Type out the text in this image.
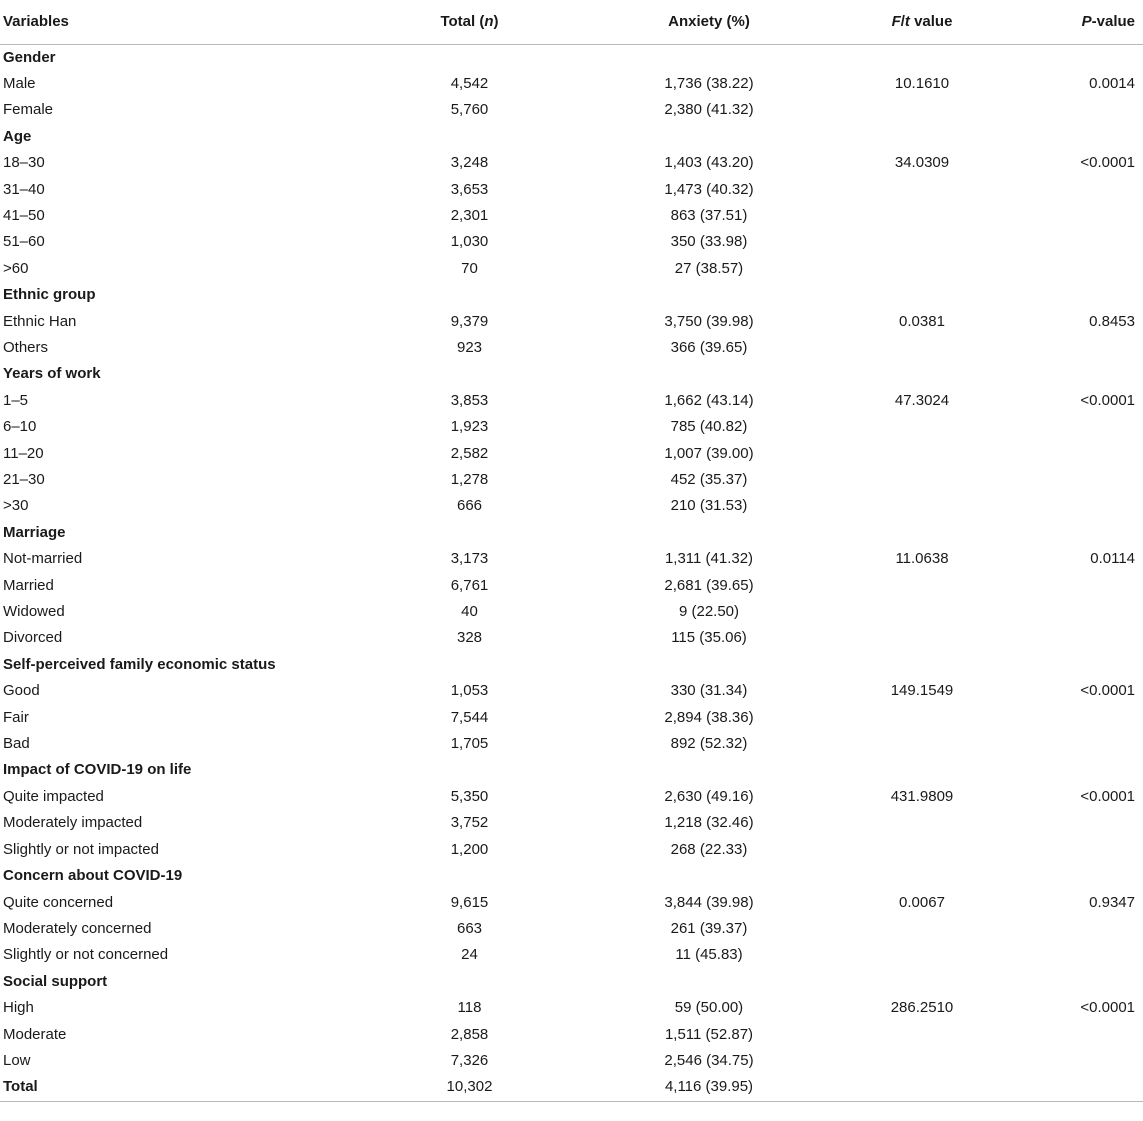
Variables	Total (n)	Anxiety (%)	F/t value	P-value
Gender				
Male	4,542	1,736 (38.22)	10.1610	0.0014
Female	5,760	2,380 (41.32)		
Age				
18–30	3,248	1,403 (43.20)	34.0309	<0.0001
31–40	3,653	1,473 (40.32)		
41–50	2,301	863 (37.51)		
51–60	1,030	350 (33.98)		
>60	70	27 (38.57)		
Ethnic group				
Ethnic Han	9,379	3,750 (39.98)	0.0381	0.8453
Others	923	366 (39.65)		
Years of work				
1–5	3,853	1,662 (43.14)	47.3024	<0.0001
6–10	1,923	785 (40.82)		
11–20	2,582	1,007 (39.00)		
21–30	1,278	452 (35.37)		
>30	666	210 (31.53)		
Marriage				
Not-married	3,173	1,311 (41.32)	11.0638	0.0114
Married	6,761	2,681 (39.65)		
Widowed	40	9 (22.50)		
Divorced	328	115 (35.06)		
Self-perceived family economic status				
Good	1,053	330 (31.34)	149.1549	<0.0001
Fair	7,544	2,894 (38.36)		
Bad	1,705	892 (52.32)		
Impact of COVID-19 on life				
Quite impacted	5,350	2,630 (49.16)	431.9809	<0.0001
Moderately impacted	3,752	1,218 (32.46)		
Slightly or not impacted	1,200	268 (22.33)		
Concern about COVID-19				
Quite concerned	9,615	3,844 (39.98)	0.0067	0.9347
Moderately concerned	663	261 (39.37)		
Slightly or not concerned	24	11 (45.83)		
Social support				
High	118	59 (50.00)	286.2510	<0.0001
Moderate	2,858	1,511 (52.87)		
Low	7,326	2,546 (34.75)		
Total	10,302	4,116 (39.95)		
